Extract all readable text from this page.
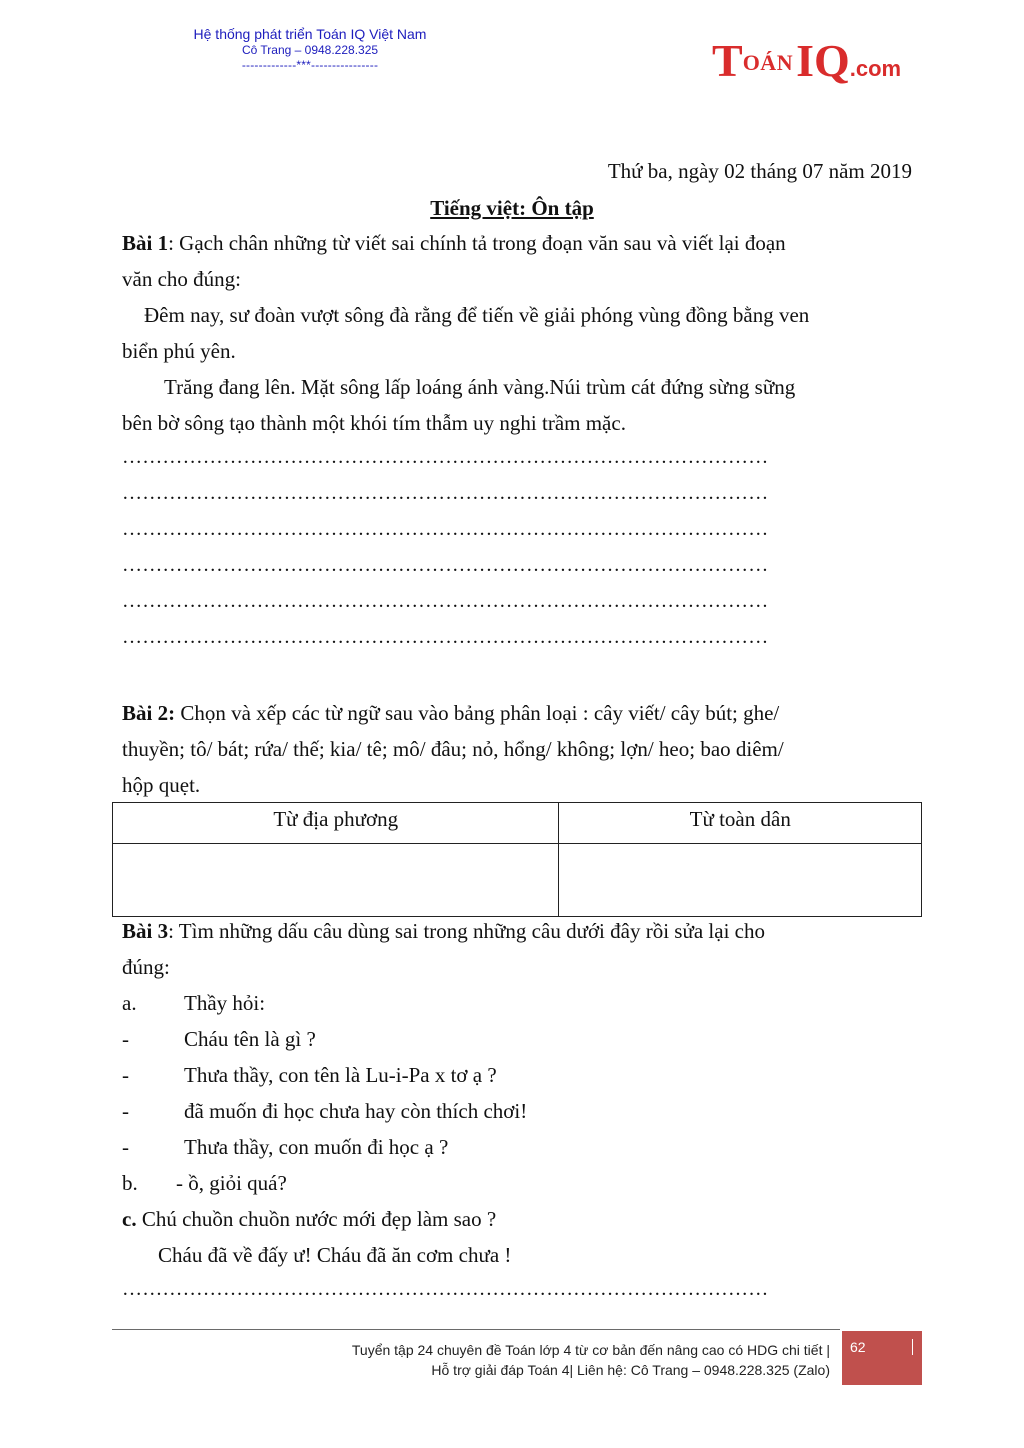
Hệ thống phát triển Toán IQ Việt Nam
Cô Trang – 0948.228.325
-------------***----------------	TOÁNIQ.com
Thứ ba, ngày 02 tháng 07 năm 2019
Tiếng việt: Ôn tập
Bài 1: Gạch chân những từ viết sai chính tả trong đoạn văn sau và viết lại đoạn
văn cho đúng:
Đêm nay, sư đoàn vượt sông đà rằng để tiến về giải phóng vùng đồng bằng ven
biển phú yên.
Trăng đang lên. Mặt sông lấp loáng ánh vàng.Núi trùm cát đứng sừng sững
bên bờ sông tạo thành một khói tím thẫm uy nghi trầm mặc.
……………………………………………………………………………………
……………………………………………………………………………………
……………………………………………………………………………………
……………………………………………………………………………………
……………………………………………………………………………………
……………………………………………………………………………………
Bài 2: Chọn và xếp các từ ngữ sau vào bảng phân loại : cây viết/ cây bút; ghe/
thuyền; tô/ bát; rứa/ thế; kia/ tê; mô/ đâu; nỏ, hổng/ không; lợn/ heo; bao diêm/
hộp quẹt.
Từ địa phương	Từ toàn dân

Bài 3: Tìm những dấu câu dùng sai trong những câu dưới đây rồi sửa lại cho
đúng:
a. Thầy hỏi:
-	Cháu tên là gì ?
-	Thưa thầy, con tên là Lu-i-Pa x tơ ạ ?
-	đã muốn đi học chưa hay còn thích chơi!
-	Thưa thầy, con muốn đi học ạ ?
b. - ồ, giỏi quá?
c. Chú chuồn chuồn nước mới đẹp làm sao ?
Cháu đã về đấy ư! Cháu đã ăn cơm chưa !
……………………………………………………………………………………
Tuyển tập 24 chuyên đề Toán lớp 4 từ cơ bản đến nâng cao có HDG chi tiết |
Hỗ trợ giải đáp Toán 4| Liên hệ: Cô Trang – 0948.228.325 (Zalo)
62
